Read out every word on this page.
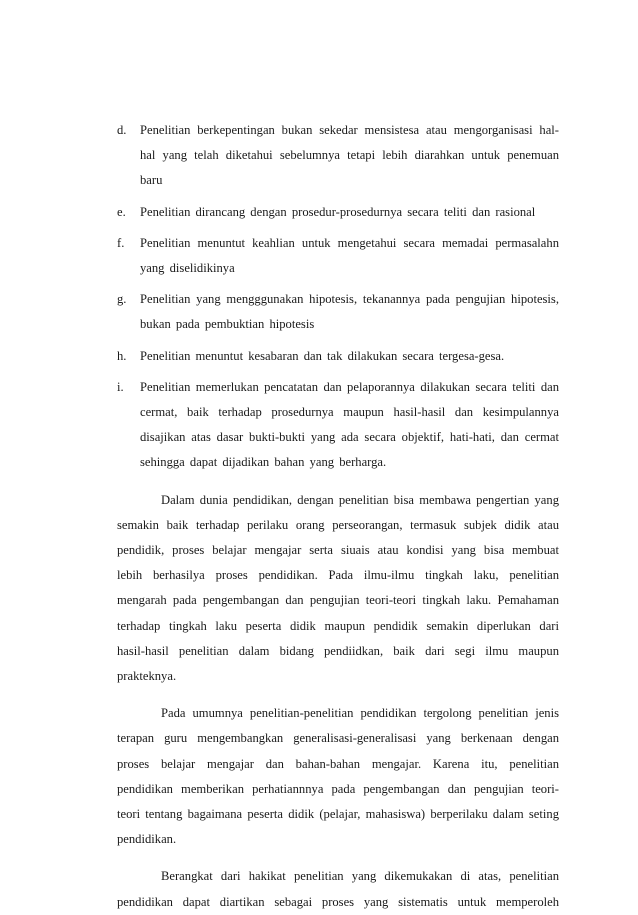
d. Penelitian berkepentingan bukan sekedar mensistesa atau mengorganisasi hal-hal yang telah diketahui sebelumnya tetapi lebih diarahkan untuk penemuan baru
e. Penelitian dirancang dengan prosedur-prosedurnya secara teliti dan rasional
f. Penelitian menuntut keahlian untuk mengetahui secara memadai permasalahn yang diselidikinya
g. Penelitian yang mengggunakan hipotesis, tekanannya pada pengujian hipotesis, bukan pada pembuktian hipotesis
h. Penelitian menuntut kesabaran dan tak dilakukan secara tergesa-gesa.
i. Penelitian memerlukan pencatatan dan pelaporannya dilakukan secara teliti dan cermat, baik terhadap prosedurnya maupun hasil-hasil dan kesimpulannya disajikan atas dasar bukti-bukti yang ada secara objektif, hati-hati, dan cermat sehingga dapat dijadikan bahan yang berharga.

Dalam dunia pendidikan, dengan penelitian bisa membawa pengertian yang semakin baik terhadap perilaku orang perseorangan, termasuk subjek didik atau pendidik, proses belajar mengajar serta siuais atau kondisi yang bisa membuat lebih berhasilya proses pendidikan. Pada ilmu-ilmu tingkah laku, penelitian mengarah pada pengembangan dan pengujian teori-teori tingkah laku. Pemahaman terhadap tingkah laku peserta didik maupun pendidik semakin diperlukan dari hasil-hasil penelitian dalam bidang pendiidkan, baik dari segi ilmu maupun prakteknya.

Pada umumnya penelitian-penelitian pendidikan tergolong penelitian jenis terapan guru mengembangkan generalisasi-generalisasi yang berkenaan dengan proses belajar mengajar dan bahan-bahan mengajar. Karena itu, penelitian pendidikan memberikan perhatiannnya pada pengembangan dan pengujian teori-teori tentang bagaimana peserta didik (pelajar, mahasiswa) berperilaku dalam seting pendidikan.

Berangkat dari hakikat penelitian yang dikemukakan di atas, penelitian pendidikan dapat diartikan sebagai proses yang sistematis untuk memperoleh
